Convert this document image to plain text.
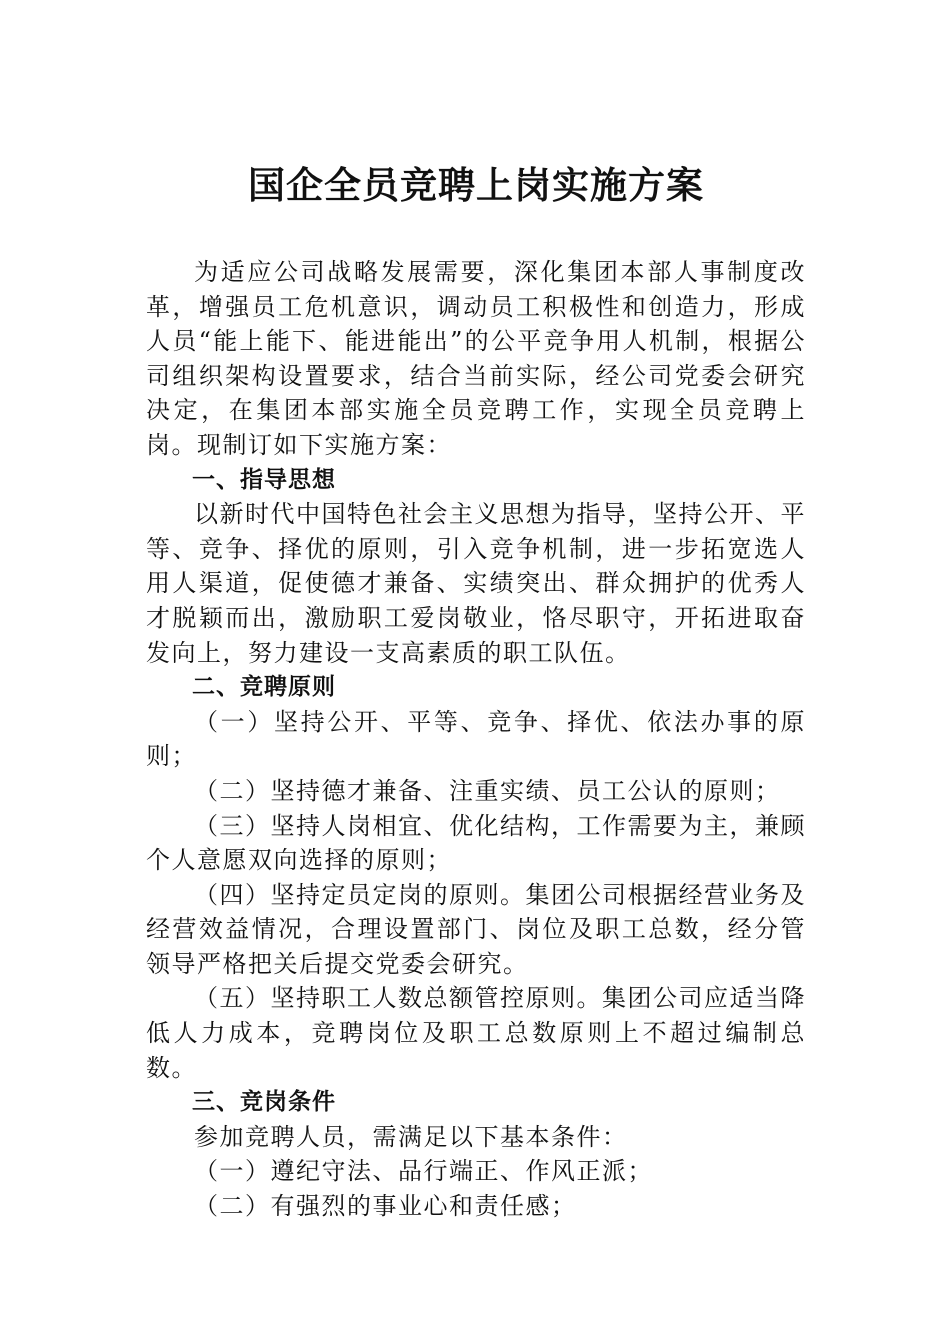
国企全员竞聘上岗实施方案

为适应公司战略发展需要，深化集团本部人事制度改革，增强员工危机意识，调动员工积极性和创造力，形成人员“能上能下、能进能出”的公平竞争用人机制，根据公司组织架构设置要求，结合当前实际，经公司党委会研究决定，在集团本部实施全员竞聘工作，实现全员竞聘上岗。现制订如下实施方案：

一、指导思想

以新时代中国特色社会主义思想为指导，坚持公开、平等、竞争、择优的原则，引入竞争机制，进一步拓宽选人用人渠道，促使德才兼备、实绩突出、群众拥护的优秀人才脱颖而出，激励职工爱岗敬业，恪尽职守，开拓进取奋发向上，努力建设一支高素质的职工队伍。

二、竞聘原则

（一）坚持公开、平等、竞争、择优、依法办事的原则；

（二）坚持德才兼备、注重实绩、员工公认的原则；

（三）坚持人岗相宜、优化结构，工作需要为主，兼顾个人意愿双向选择的原则；

（四）坚持定员定岗的原则。集团公司根据经营业务及经营效益情况，合理设置部门、岗位及职工总数，经分管领导严格把关后提交党委会研究。

（五）坚持职工人数总额管控原则。集团公司应适当降低人力成本，竞聘岗位及职工总数原则上不超过编制总数。

三、竞岗条件

参加竞聘人员，需满足以下基本条件：

（一）遵纪守法、品行端正、作风正派；

（二）有强烈的事业心和责任感；
